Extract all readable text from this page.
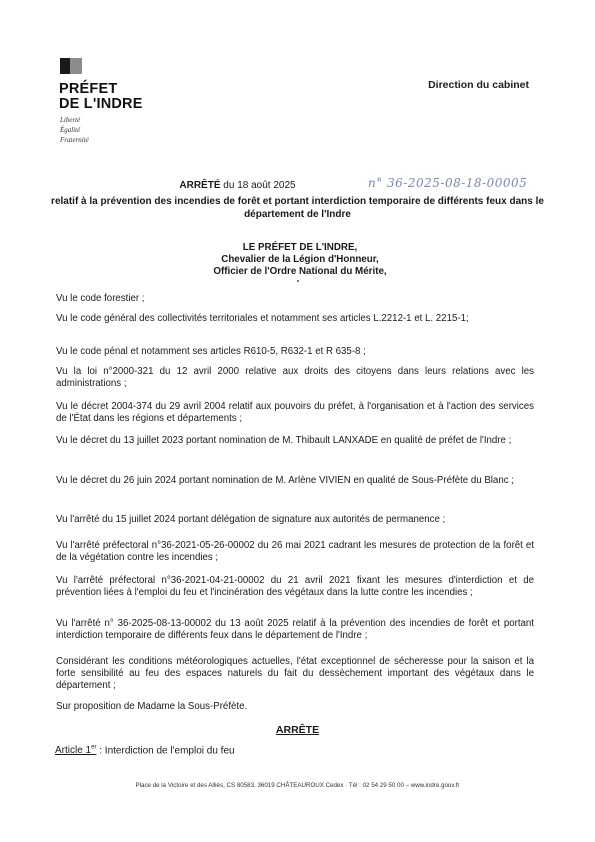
PRÉFET
DE L'INDRE
Liberté
Égalité
Fraternité
Direction du cabinet
ARRÊTÉ du 18 août 2025	n° 36-2025-08-18-00005
relatif à la prévention des incendies de forêt et portant interdiction temporaire de différents feux dans le département de l'Indre
LE PRÉFET DE L'INDRE,
Chevalier de la Légion d'Honneur,
Officier de l'Ordre National du Mérite,
Vu le code forestier ;
Vu le code général des collectivités territoriales et notamment ses articles L.2212-1 et L. 2215-1;
Vu le code pénal et notamment ses articles R610-5, R632-1 et R 635-8 ;
Vu la loi n°2000-321 du 12 avril 2000 relative aux droits des citoyens dans leurs relations avec les administrations ;
Vu le décret 2004-374 du 29 avril 2004 relatif aux pouvoirs du préfet, à l'organisation et à l'action des services de l'État dans les régions et départements ;
Vu le décret du 13 juillet 2023 portant nomination de M. Thibault LANXADE en qualité de préfet de l'Indre ;
Vu le décret du 26 juin 2024 portant nomination de M. Arlène VIVIEN en qualité de Sous-Préfète du Blanc ;
Vu l'arrêté du 15 juillet 2024 portant délégation de signature aux autorités de permanence ;
Vu l'arrêté préfectoral n°36-2021-05-26-00002 du 26 mai 2021 cadrant les mesures de protection de la forêt et de la végétation contre les incendies ;
Vu l'arrêté préfectoral n°36-2021-04-21-00002 du 21 avril 2021 fixant les mesures d'interdiction et de prévention liées à l'emploi du feu et l'incinération des végétaux dans la lutte contre les incendies ;
Vu l'arrêté n° 36-2025-08-13-00002 du 13 août 2025 relatif à la prévention des incendies de forêt et portant interdiction temporaire de différents feux dans le département de l'Indre ;
Considérant les conditions météorologiques actuelles, l'état exceptionnel de sécheresse pour la saison et la forte sensibilité au feu des espaces naturels du fait du dessèchement important des végétaux dans le département ;
Sur proposition de Madame la Sous-Préfète.
ARRÊTE
Article 1er : Interdiction de l'emploi du feu
Place de la Victoire et des Alliés, CS 80583, 36019 CHÂTEAUROUX Cedex · Tél : 02 54 29 50 00 – www.indre.gouv.fr
